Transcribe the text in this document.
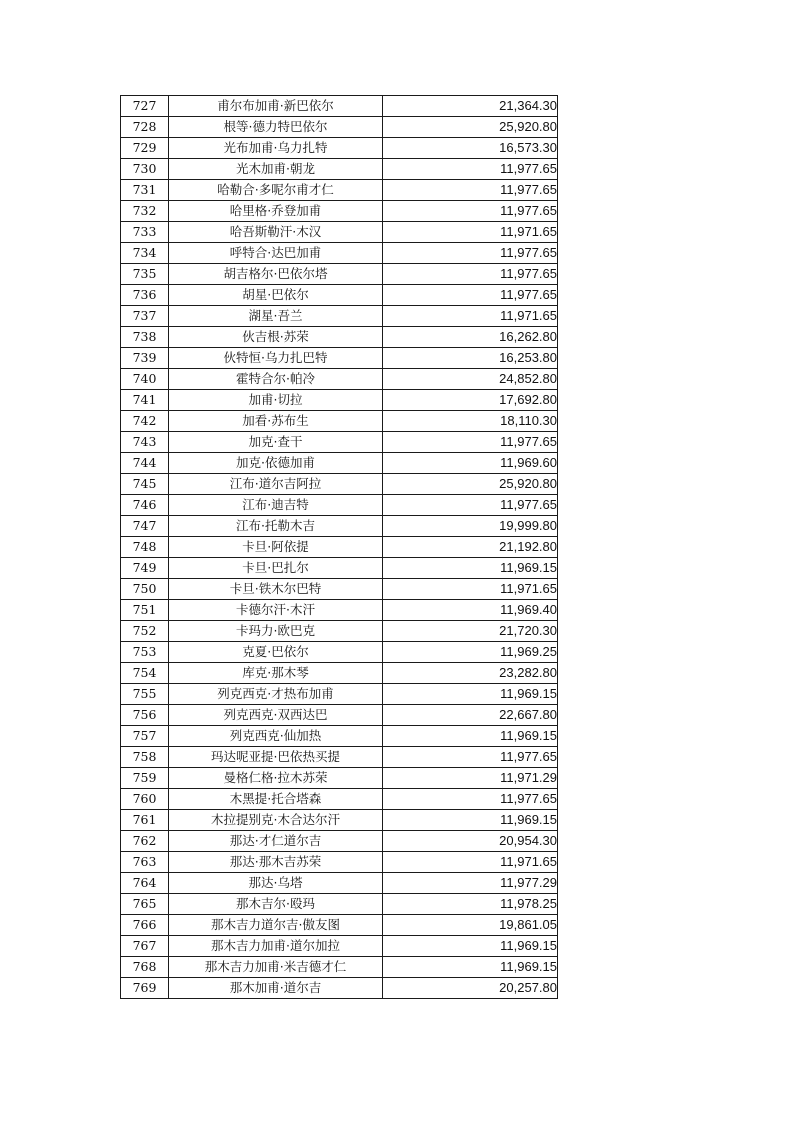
727	甫尔布加甫·新巴依尔	21,364.30
728	根等·德力特巴依尔	25,920.80
729	光布加甫·乌力扎特	16,573.30
730	光木加甫·朝龙	11,977.65
731	哈勒合·多呢尔甫才仁	11,977.65
732	哈里格·乔登加甫	11,977.65
733	哈吾斯勒汗·木汉	11,971.65
734	呼特合·达巴加甫	11,977.65
735	胡吉格尔·巴依尔塔	11,977.65
736	胡星·巴依尔	11,977.65
737	湖星·吾兰	11,971.65
738	伙吉根·苏荣	16,262.80
739	伙特恒·乌力扎巴特	16,253.80
740	霍特合尔·帕冷	24,852.80
741	加甫·切拉	17,692.80
742	加看·苏布生	18,110.30
743	加克·查干	11,977.65
744	加克·依德加甫	11,969.60
745	江布·道尔吉阿拉	25,920.80
746	江布·迪吉特	11,977.65
747	江布·托勒木吉	19,999.80
748	卡旦·阿依提	21,192.80
749	卡旦·巴扎尔	11,969.15
750	卡旦·铁木尔巴特	11,971.65
751	卡德尔汗·木汗	11,969.40
752	卡玛力·欧巴克	21,720.30
753	克夏·巴依尔	11,969.25
754	库克·那木琴	23,282.80
755	列克西克·才热布加甫	11,969.15
756	列克西克·双西达巴	22,667.80
757	列克西克·仙加热	11,969.15
758	玛达呢亚提·巴依热买提	11,977.65
759	曼格仁格·拉木苏荣	11,971.29
760	木黑提·托合塔森	11,977.65
761	木拉提别克·木合达尔汗	11,969.15
762	那达·才仁道尔吉	20,954.30
763	那达·那木吉苏荣	11,971.65
764	那达·乌塔	11,977.29
765	那木吉尔·殴玛	11,978.25
766	那木吉力道尔吉·傲友图	19,861.05
767	那木吉力加甫·道尔加拉	11,969.15
768	那木吉力加甫·米吉德才仁	11,969.15
769	那木加甫·道尔吉	20,257.80
